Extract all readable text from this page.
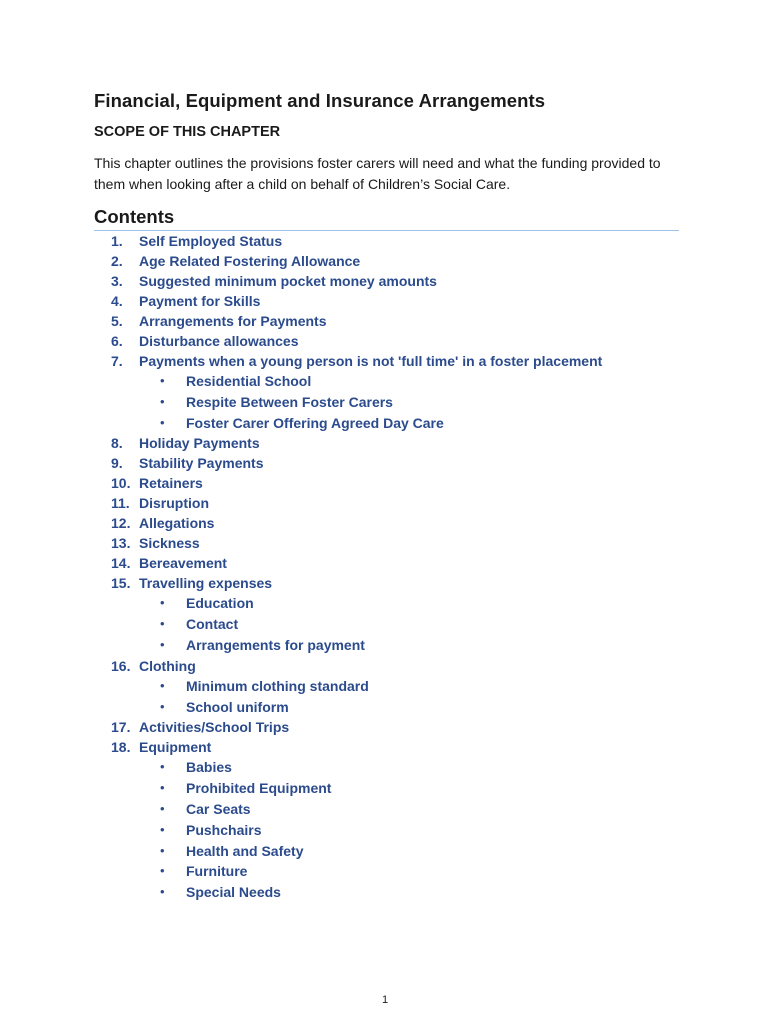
Financial, Equipment and Insurance Arrangements
SCOPE OF THIS CHAPTER
This chapter outlines the provisions foster carers will need and what the funding provided to them when looking after a child on behalf of Children’s Social Care.
Contents
1.	Self Employed Status
2.	Age Related Fostering Allowance
3.	Suggested minimum pocket money amounts
4.	Payment for Skills
5.	Arrangements for Payments
6.	Disturbance allowances
7.	Payments when a young person is not 'full time' in a foster placement
• Residential School
• Respite Between Foster Carers
• Foster Carer Offering Agreed Day Care
8.	Holiday Payments
9.	Stability Payments
10. Retainers
11. Disruption
12. Allegations
13. Sickness
14. Bereavement
15. Travelling expenses
• Education
• Contact
• Arrangements for payment
16. Clothing
• Minimum clothing standard
• School uniform
17. Activities/School Trips
18. Equipment
• Babies
• Prohibited Equipment
• Car Seats
• Pushchairs
• Health and Safety
• Furniture
• Special Needs
1
